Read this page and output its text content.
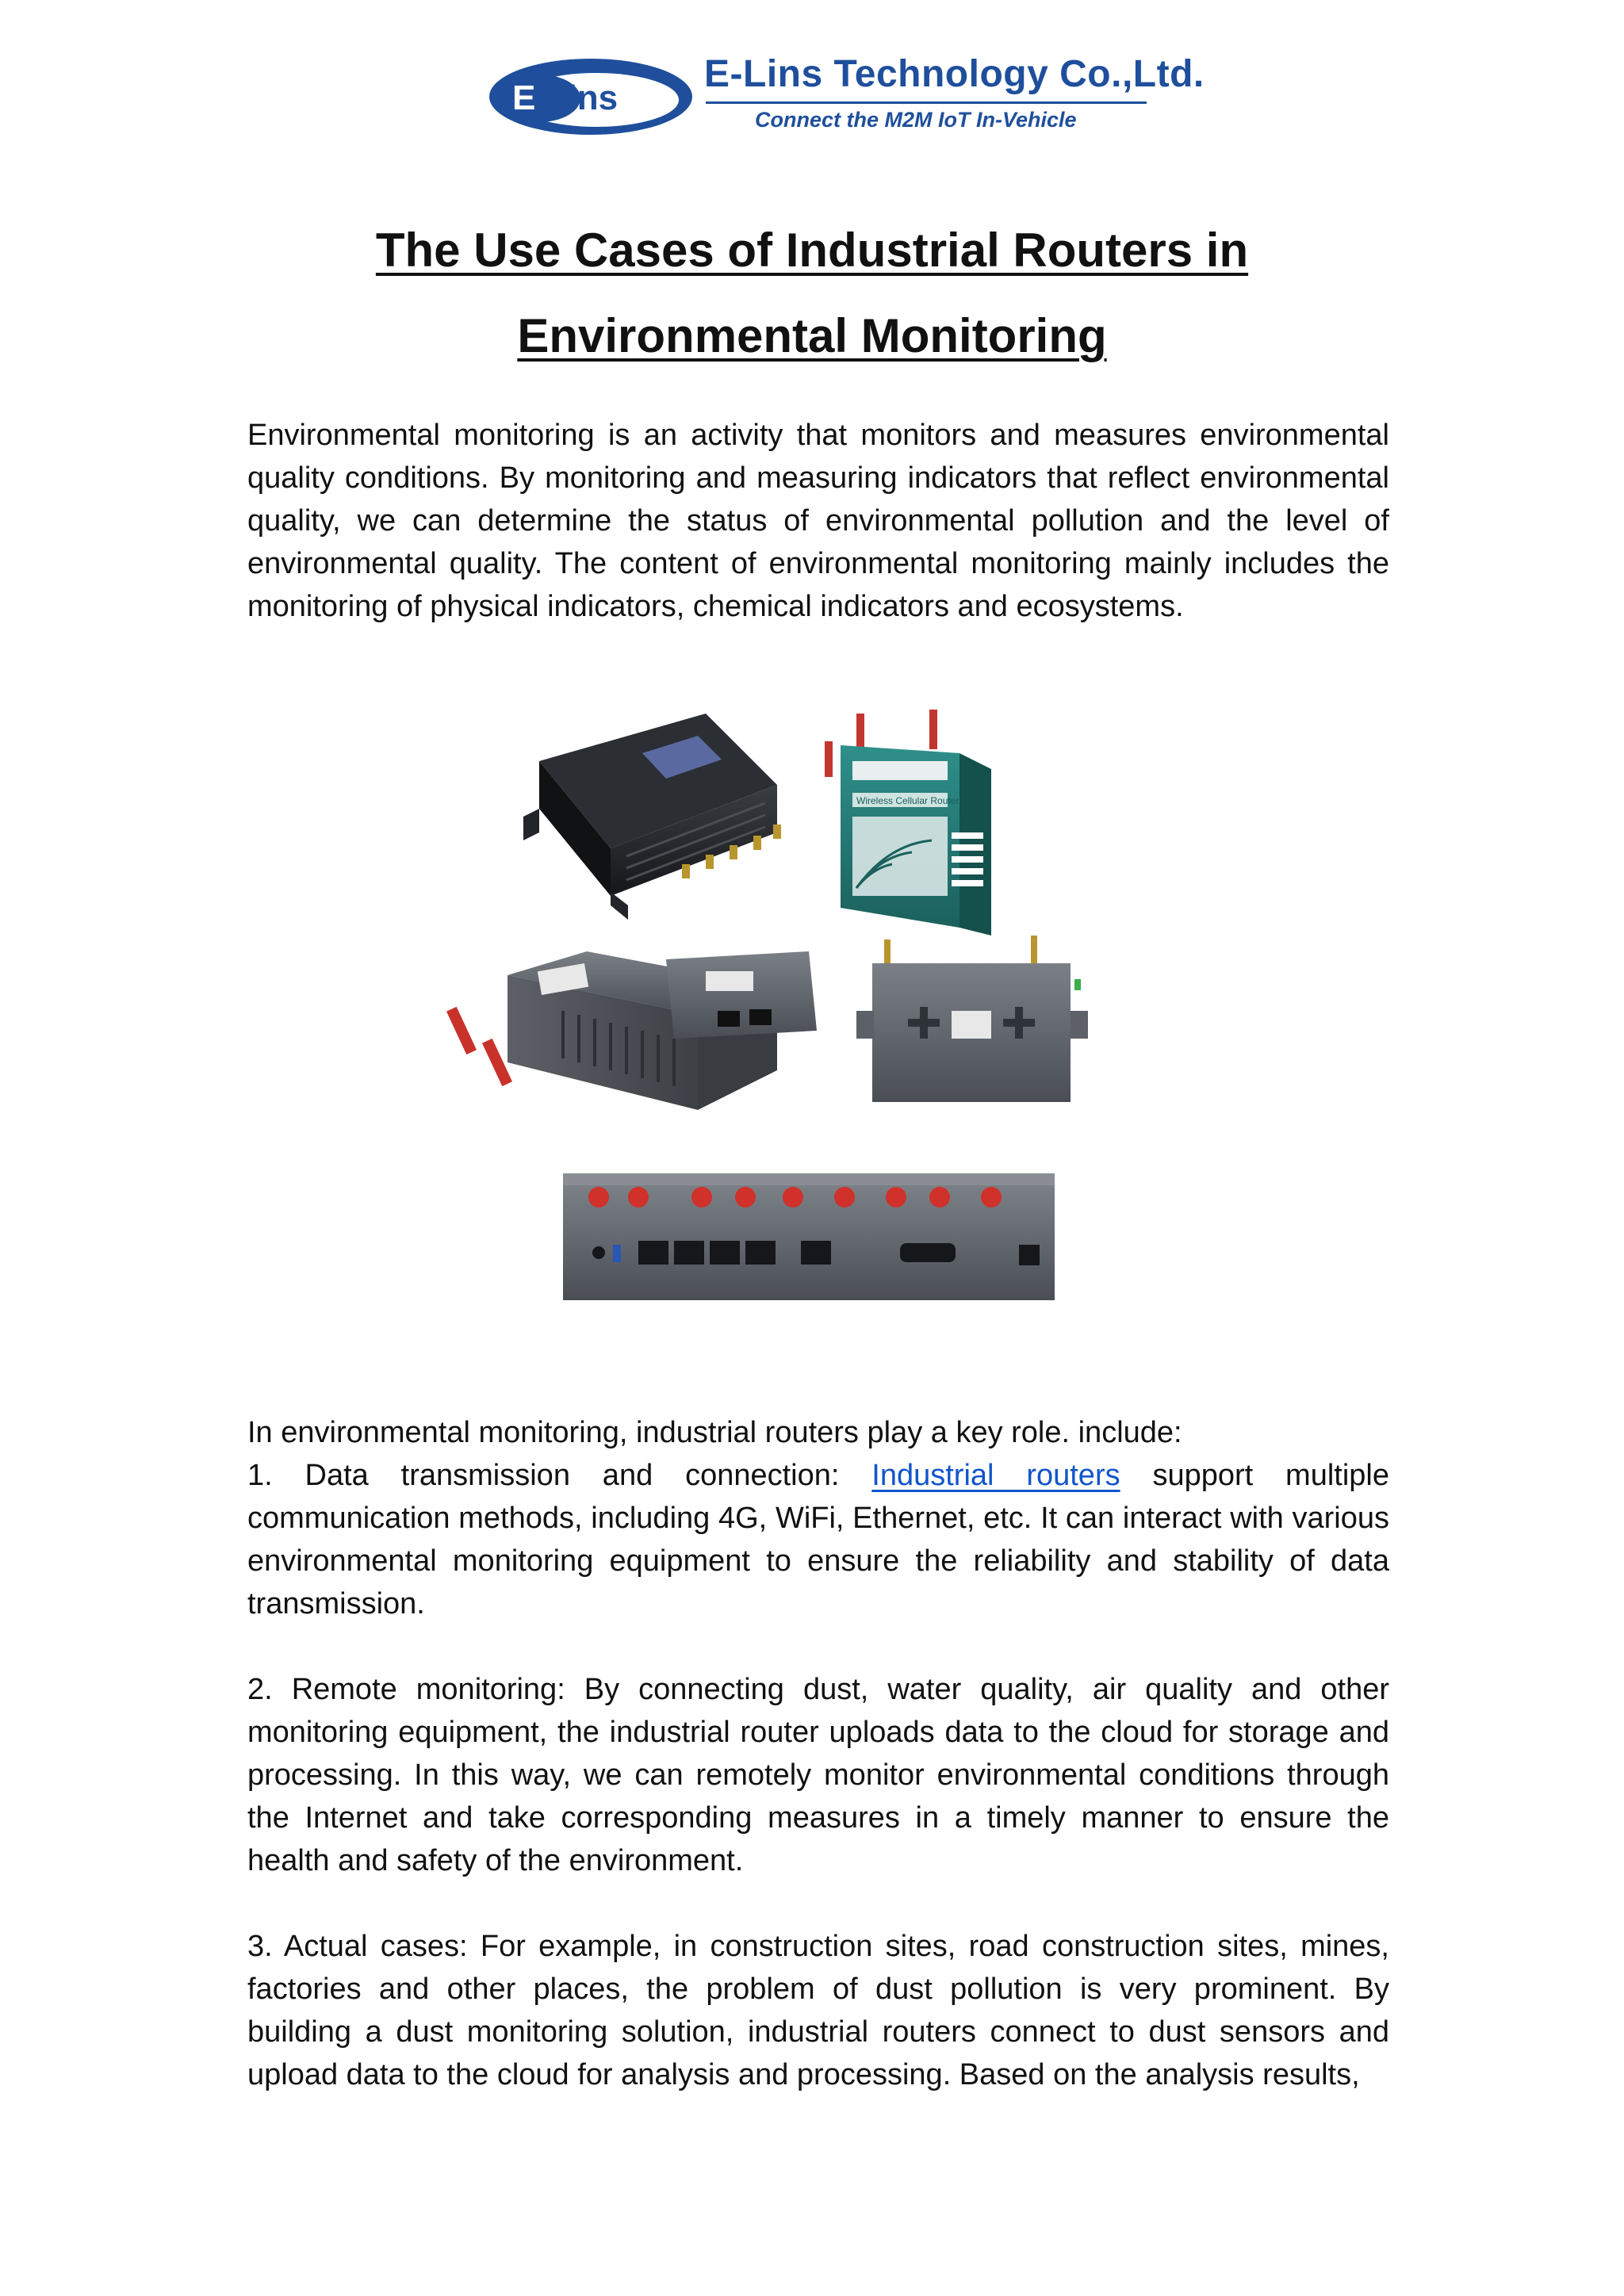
E
-Lins
E-Lins Technology Co.,Ltd.
Connect the M2M IoT In-Vehicle
The Use Cases of Industrial Routers in
Environmental Monitoring

Environmental monitoring is an activity that monitors and measures environmental quality conditions. By monitoring and measuring indicators that reflect environmental quality, we can determine the status of environmental pollution and the level of environmental quality. The content of environmental monitoring mainly includes the monitoring of physical indicators, chemical indicators and ecosystems.

Wireless Cellular Router

In environmental monitoring, industrial routers play a key role. include:

1. Data transmission and connection: Industrial routers support multiple communication methods, including 4G, WiFi, Ethernet, etc. It can interact with various environmental monitoring equipment to ensure the reliability and stability of data transmission.

2. Remote monitoring: By connecting dust, water quality, air quality and other monitoring equipment, the industrial router uploads data to the cloud for storage and processing. In this way, we can remotely monitor environmental conditions through the Internet and take corresponding measures in a timely manner to ensure the health and safety of the environment.

3. Actual cases: For example, in construction sites, road construction sites, mines, factories and other places, the problem of dust pollution is very prominent. By building a dust monitoring solution, industrial routers connect to dust sensors and upload data to the cloud for analysis and processing. Based on the analysis results,
